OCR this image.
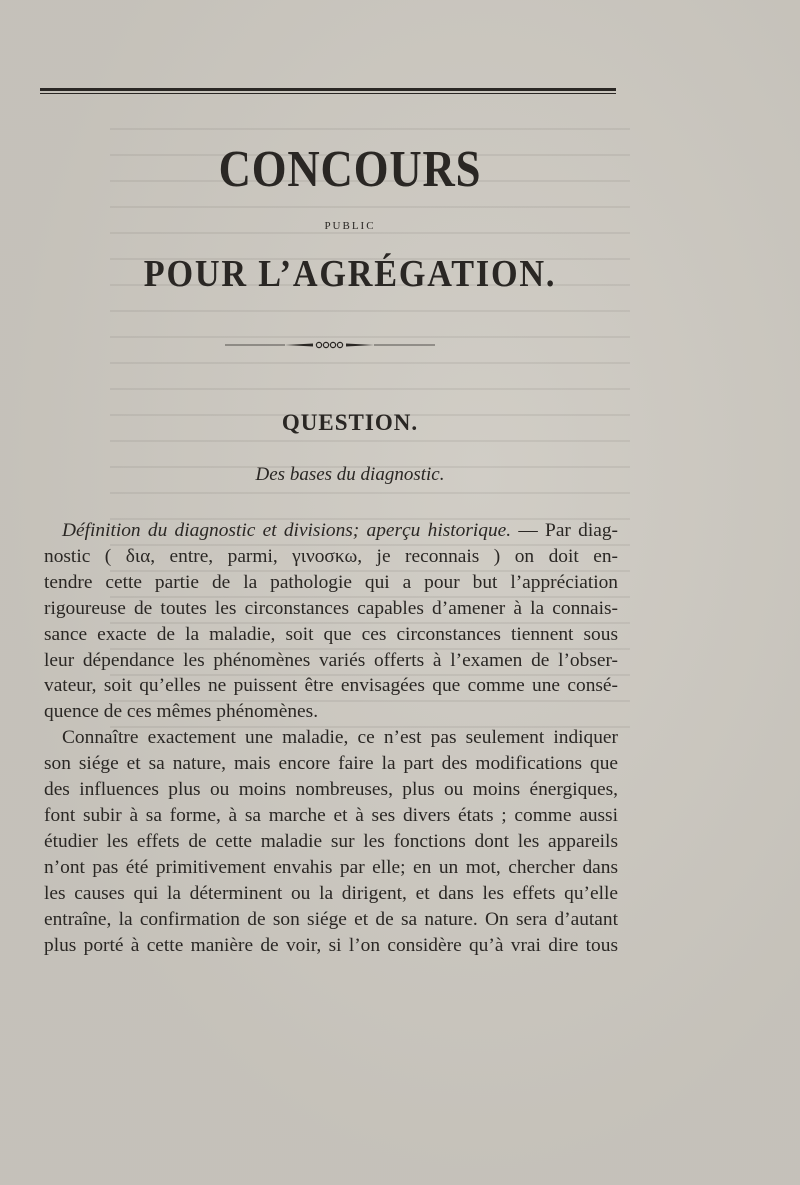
CONCOURS
PUBLIC
POUR L’AGRÉGATION.
QUESTION.
Des bases du diagnostic.
Définition du diagnostic et divisions; aperçu historique. — Par diag-
nostic ( δια, entre, parmi, γινοσκω, je reconnais ) on doit en-
tendre cette partie de la pathologie qui a pour but l’appréciation
rigoureuse de toutes les circonstances capables d’amener à la connais-
sance exacte de la maladie, soit que ces circonstances tiennent sous
leur dépendance les phénomènes variés offerts à l’examen de l’obser-
vateur, soit qu’elles ne puissent être envisagées que comme une consé-
quence de ces mêmes phénomènes.
Connaître exactement une maladie, ce n’est pas seulement indiquer
son siége et sa nature, mais encore faire la part des modifications que
des influences plus ou moins nombreuses, plus ou moins énergiques,
font subir à sa forme, à sa marche et à ses divers états ; comme aussi
étudier les effets de cette maladie sur les fonctions dont les appareils
n’ont pas été primitivement envahis par elle; en un mot, chercher dans
les causes qui la déterminent ou la dirigent, et dans les effets qu’elle
entraîne, la confirmation de son siége et de sa nature. On sera d’autant
plus porté à cette manière de voir, si l’on considère qu’à vrai dire tous
